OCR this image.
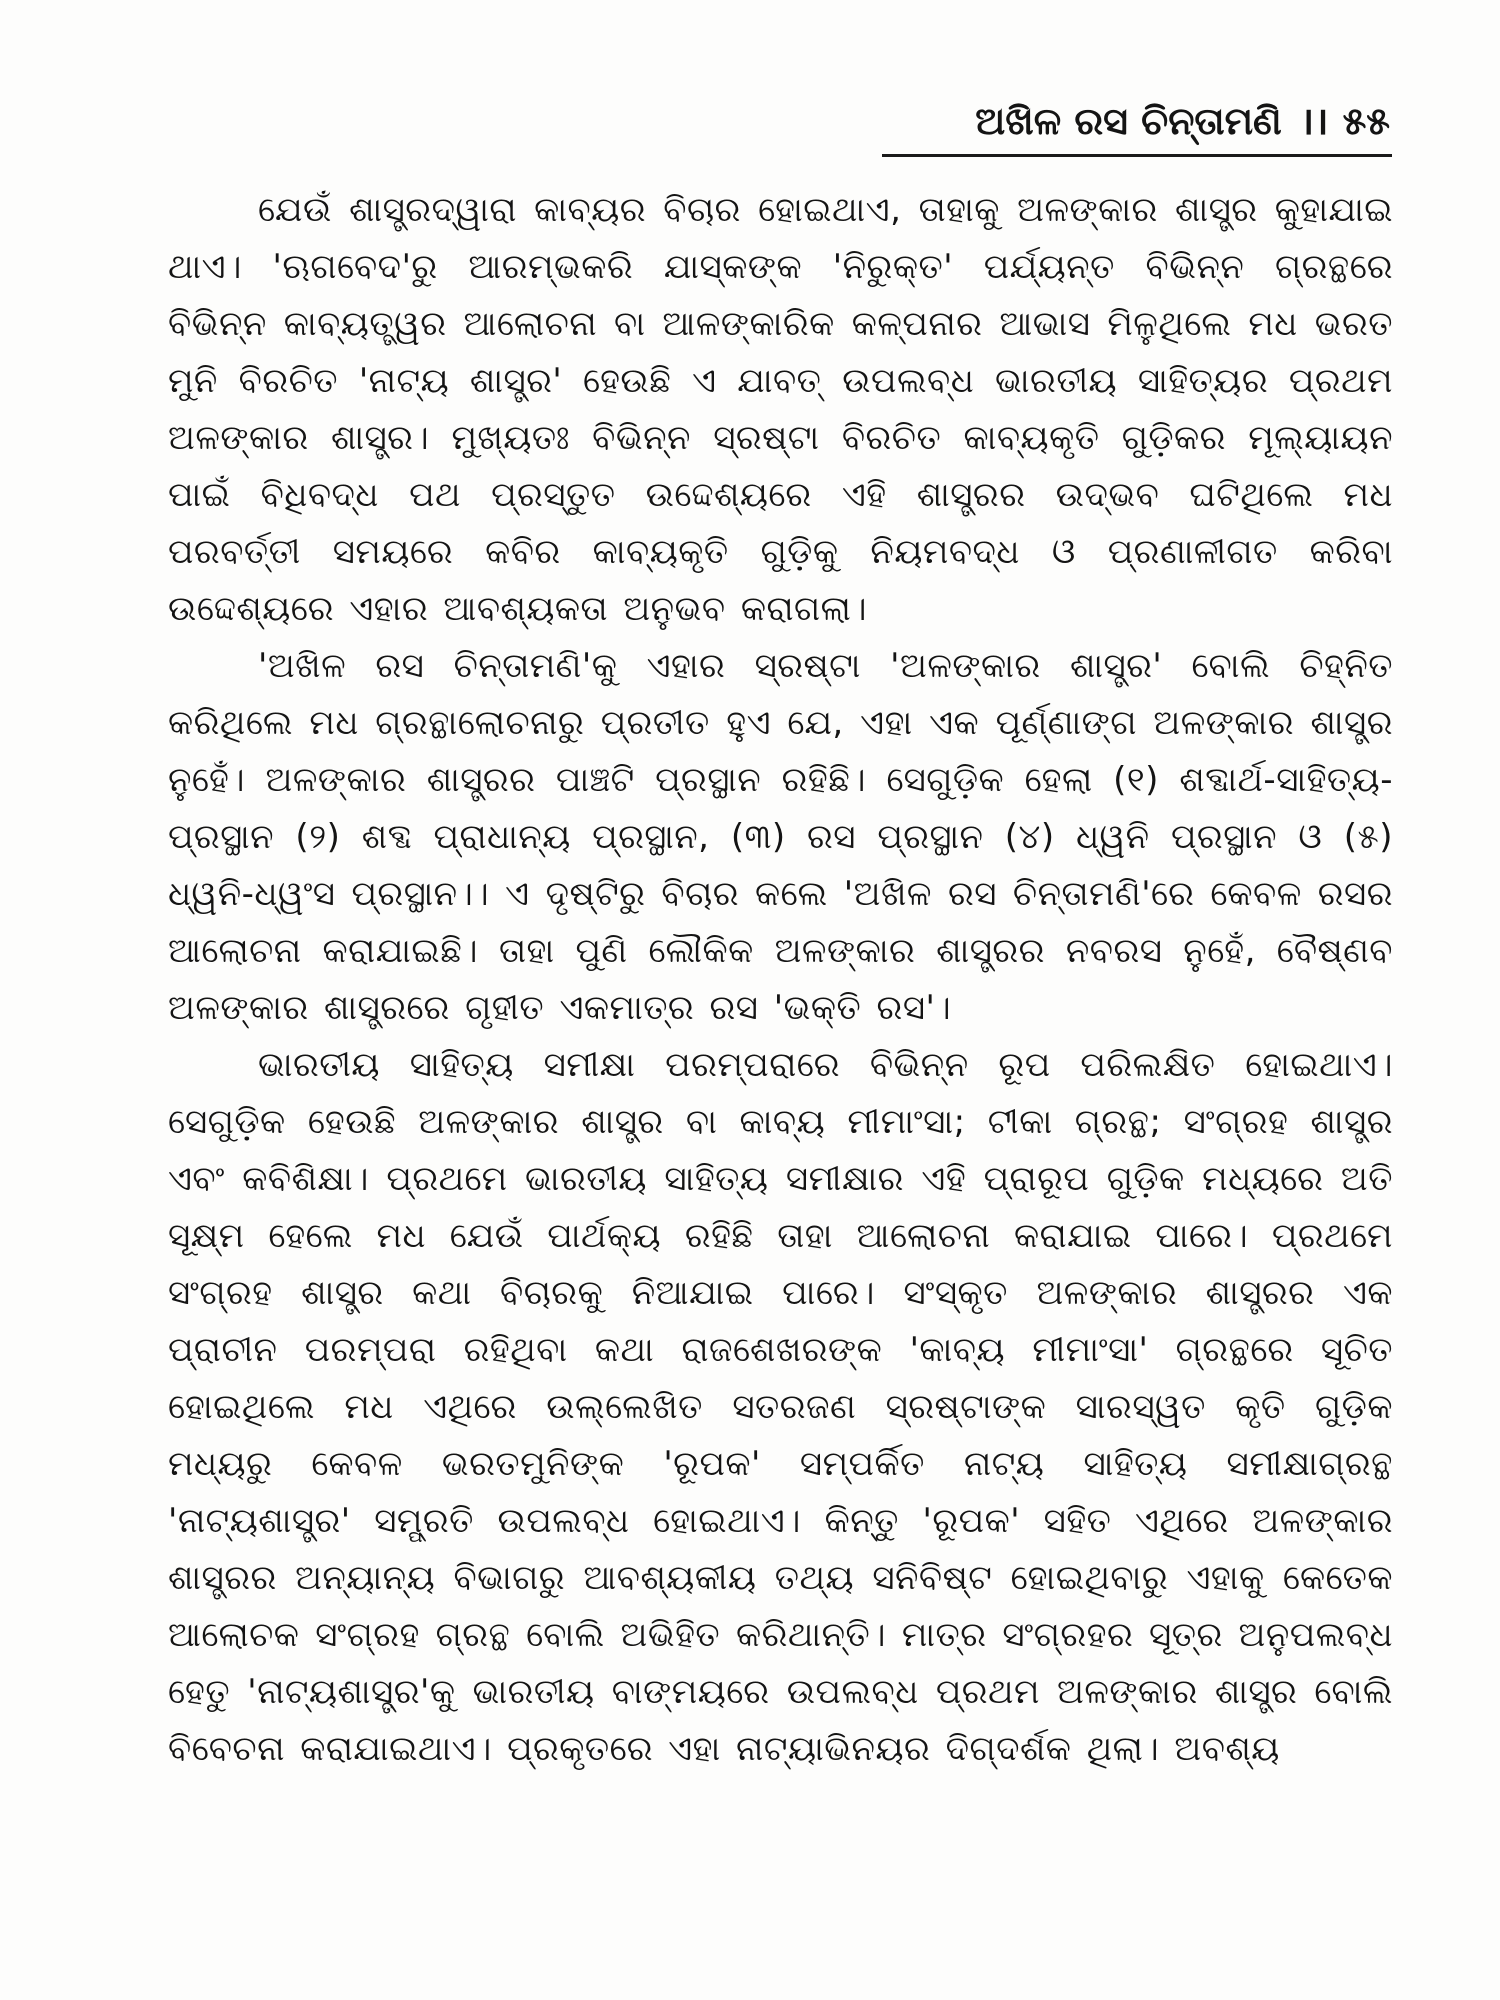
ଅଖିଳ ରସ ଚିନ୍ତାମଣି ।। ୫୫

ଯେଉଁ ଶାସ୍ତ୍ରଦ୍ୱାରା କାବ୍ୟର ବିଚାର ହୋଇଥାଏ, ତାହାକୁ ଅଳଙ୍କାର ଶାସ୍ତ୍ର କୁହାଯାଇ ଥାଏ। 'ଋଗବେଦ'ରୁ ଆରମ୍ଭକରି ଯାସ୍କଙ୍କ 'ନିରୁକ୍ତ' ପର୍ଯ୍ୟନ୍ତ ବିଭିନ୍ନ ଗ୍ରନ୍ଥରେ ବିଭିନ୍ନ କାବ୍ୟତ୍ତ୍ୱର ଆଲୋଚନା ବା ଆଳଙ୍କାରିକ କଳ୍ପନାର ଆଭାସ ମିଳୁଥିଲେ ମଧ ଭରତ ମୁନି ବିରଚିତ 'ନାଟ୍ୟ ଶାସ୍ତ୍ର' ହେଉଛି ଏ ଯାବତ୍ ଉପଲବ୍ଧ ଭାରତୀୟ ସାହିତ୍ୟର ପ୍ରଥମ ଅଳଙ୍କାର ଶାସ୍ତ୍ର। ମୁଖ୍ୟତଃ ବିଭିନ୍ନ ସ୍ରଷ୍ଟା ବିରଚିତ କାବ୍ୟକୃତି ଗୁଡ଼ିକର ମୂଲ୍ୟାୟନ ପାଇଁ ବିଧିବଦ୍ଧ ପଥ ପ୍ରସ୍ତୁତ ଉଦ୍ଦେଶ୍ୟରେ ଏହି ଶାସ୍ତ୍ରର ଉଦ୍ଭବ ଘଟିଥିଲେ ମଧ ପରବର୍ତ୍ତୀ ସମୟରେ କବିର କାବ୍ୟକୃତି ଗୁଡ଼ିକୁ ନିୟମବଦ୍ଧ ଓ ପ୍ରଣାଳୀଗତ କରିବା ଉଦ୍ଦେଶ୍ୟରେ ଏହାର ଆବଶ୍ୟକତା ଅନୁଭବ କରାଗଲା।

'ଅଖିଳ ରସ ଚିନ୍ତାମଣି'କୁ ଏହାର ସ୍ରଷ୍ଟା 'ଅଳଙ୍କାର ଶାସ୍ତ୍ର' ବୋଲି ଚିହ୍ନିତ କରିଥିଲେ ମଧ ଗ୍ରନ୍ଥାଲୋଚନାରୁ ପ୍ରତୀତ ହୁଏ ଯେ, ଏହା ଏକ ପୂର୍ଣ୍ଣାଙ୍ଗ ଅଳଙ୍କାର ଶାସ୍ତ୍ର ନୁହେଁ। ଅଳଙ୍କାର ଶାସ୍ତ୍ରର ପାଞ୍ଚଟି ପ୍ରସ୍ଥାନ ରହିଛି। ସେଗୁଡ଼ିକ ହେଲା (୧) ଶବ୍ଦାର୍ଥ-ସାହିତ୍ୟ-ପ୍ରସ୍ଥାନ (୨) ଶବ୍ଦ ପ୍ରାଧାନ୍ୟ ପ୍ରସ୍ଥାନ, (୩) ରସ ପ୍ରସ୍ଥାନ (୪) ଧ୍ୱନି ପ୍ରସ୍ଥାନ ଓ (୫) ଧ୍ୱନି-ଧ୍ୱଂସ ପ୍ରସ୍ଥାନ।। ଏ ଦୃଷ୍ଟିରୁ ବିଚାର କଲେ 'ଅଖିଳ ରସ ଚିନ୍ତାମଣି'ରେ କେବଳ ରସର ଆଲୋଚନା କରାଯାଇଛି। ତାହା ପୁଣି ଲୌକିକ ଅଳଙ୍କାର ଶାସ୍ତ୍ରର ନବରସ ନୁହେଁ, ବୈଷ୍ଣବ ଅଳଙ୍କାର ଶାସ୍ତ୍ରରେ ଗୃହୀତ ଏକମାତ୍ର ରସ 'ଭକ୍ତି ରସ'।

ଭାରତୀୟ ସାହିତ୍ୟ ସମୀକ୍ଷା ପରମ୍ପରାରେ ବିଭିନ୍ନ ରୂପ ପରିଲକ୍ଷିତ ହୋଇଥାଏ। ସେଗୁଡ଼ିକ ହେଉଛି ଅଳଙ୍କାର ଶାସ୍ତ୍ର ବା କାବ୍ୟ ମୀମାଂସା; ଟୀକା ଗ୍ରନ୍ଥ; ସଂଗ୍ରହ ଶାସ୍ତ୍ର ଏବଂ କବିଶିକ୍ଷା। ପ୍ରଥମେ ଭାରତୀୟ ସାହିତ୍ୟ ସମୀକ୍ଷାର ଏହି ପ୍ରାରୂପ ଗୁଡ଼ିକ ମଧ୍ୟରେ ଅତି ସୂକ୍ଷ୍ମ ହେଲେ ମଧ ଯେଉଁ ପାର୍ଥକ୍ୟ ରହିଛି ତାହା ଆଲୋଚନା କରାଯାଇ ପାରେ। ପ୍ରଥମେ ସଂଗ୍ରହ ଶାସ୍ତ୍ର କଥା ବିଚାରକୁ ନିଆଯାଇ ପାରେ। ସଂସ୍କୃତ ଅଳଙ୍କାର ଶାସ୍ତ୍ରର ଏକ ପ୍ରାଚୀନ ପରମ୍ପରା ରହିଥିବା କଥା ରାଜଶେଖରଙ୍କ 'କାବ୍ୟ ମୀମାଂସା' ଗ୍ରନ୍ଥରେ ସୂଚିତ ହୋଇଥିଲେ ମଧ ଏଥିରେ ଉଲ୍ଲେଖିତ ସତରଜଣ ସ୍ରଷ୍ଟାଙ୍କ ସାରସ୍ୱତ କୃତି ଗୁଡ଼ିକ ମଧ୍ୟରୁ କେବଳ ଭରତମୁନିଙ୍କ 'ରୂପକ' ସମ୍ପର୍କିତ ନାଟ୍ୟ ସାହିତ୍ୟ ସମୀକ୍ଷାଗ୍ରନ୍ଥ 'ନାଟ୍ୟଶାସ୍ତ୍ର' ସମ୍ପ୍ରତି ଉପଲବ୍ଧ ହୋଇଥାଏ। କିନ୍ତୁ 'ରୂପକ' ସହିତ ଏଥିରେ ଅଳଙ୍କାର ଶାସ୍ତ୍ରର ଅନ୍ୟାନ୍ୟ ବିଭାଗରୁ ଆବଶ୍ୟକୀୟ ତଥ୍ୟ ସନିବିଷ୍ଟ ହୋଇଥିବାରୁ ଏହାକୁ କେତେକ ଆଲୋଚକ ସଂଗ୍ରହ ଗ୍ରନ୍ଥ ବୋଲି ଅଭିହିତ କରିଥାନ୍ତି। ମାତ୍ର ସଂଗ୍ରହର ସୂତ୍ର ଅନୁପଲବ୍ଧ ହେତୁ 'ନାଟ୍ୟଶାସ୍ତ୍ର'କୁ ଭାରତୀୟ ବାଙ୍ମୟରେ ଉପଲବ୍ଧ ପ୍ରଥମ ଅଳଙ୍କାର ଶାସ୍ତ୍ର ବୋଲି ବିବେଚନା କରାଯାଇଥାଏ। ପ୍ରକୃତରେ ଏହା ନାଟ୍ୟାଭିନୟର ଦିଗ୍‌ଦର୍ଶକ ଥିଲା। ଅବଶ୍ୟ
